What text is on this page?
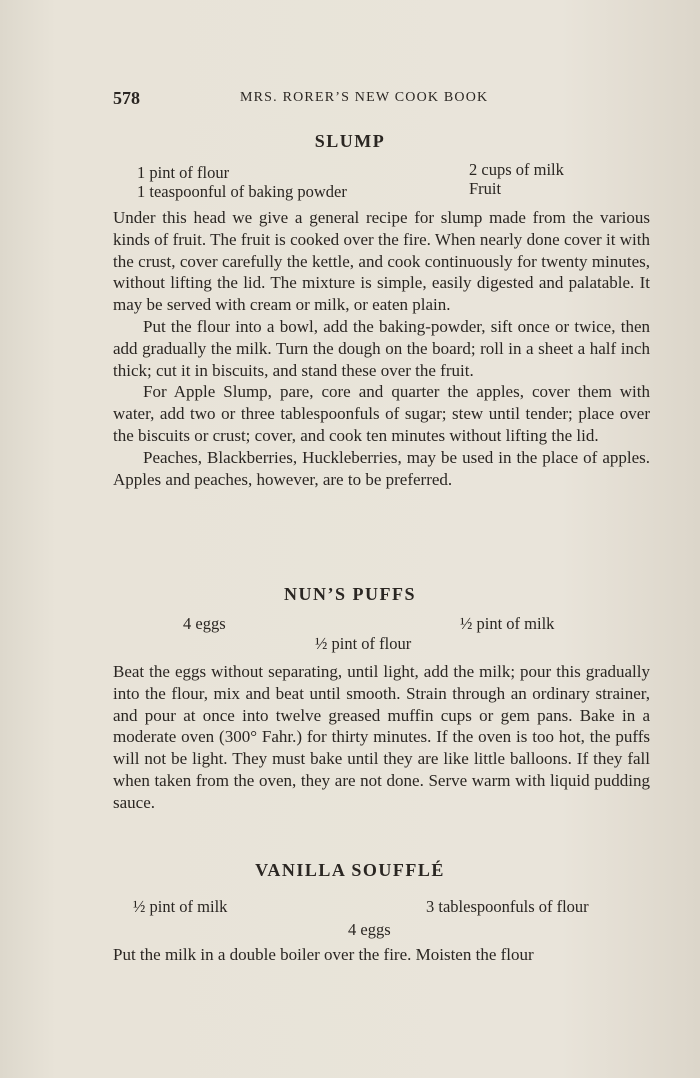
578	MRS. RORER’S NEW COOK BOOK
SLUMP
1 pint of flour	2 cups of milk
1 teaspoonful of baking powder	Fruit

Under this head we give a general recipe for slump made from the various kinds of fruit. The fruit is cooked over the fire. When nearly done cover it with the crust, cover carefully the kettle, and cook continuously for twenty minutes, without lifting the lid. The mixture is simple, easily digested and palatable. It may be served with cream or milk, or eaten plain.

Put the flour into a bowl, add the baking-powder, sift once or twice, then add gradually the milk. Turn the dough on the board; roll in a sheet a half inch thick; cut it in biscuits, and stand these over the fruit.

For Apple Slump, pare, core and quarter the apples, cover them with water, add two or three tablespoonfuls of sugar; stew until tender; place over the biscuits or crust; cover, and cook ten minutes without lifting the lid.

Peaches, Blackberries, Huckleberries, may be used in the place of apples. Apples and peaches, however, are to be preferred.

NUN’S PUFFS
4 eggs	½ pint of milk
½ pint of flour

Beat the eggs without separating, until light, add the milk; pour this gradually into the flour, mix and beat until smooth. Strain through an ordinary strainer, and pour at once into twelve greased muffin cups or gem pans. Bake in a moderate oven (300° Fahr.) for thirty minutes. If the oven is too hot, the puffs will not be light. They must bake until they are like little balloons. If they fall when taken from the oven, they are not done. Serve warm with liquid pudding sauce.

VANILLA SOUFFLÉ
½ pint of milk	3 tablespoonfuls of flour
4 eggs

Put the milk in a double boiler over the fire. Moisten the flour
